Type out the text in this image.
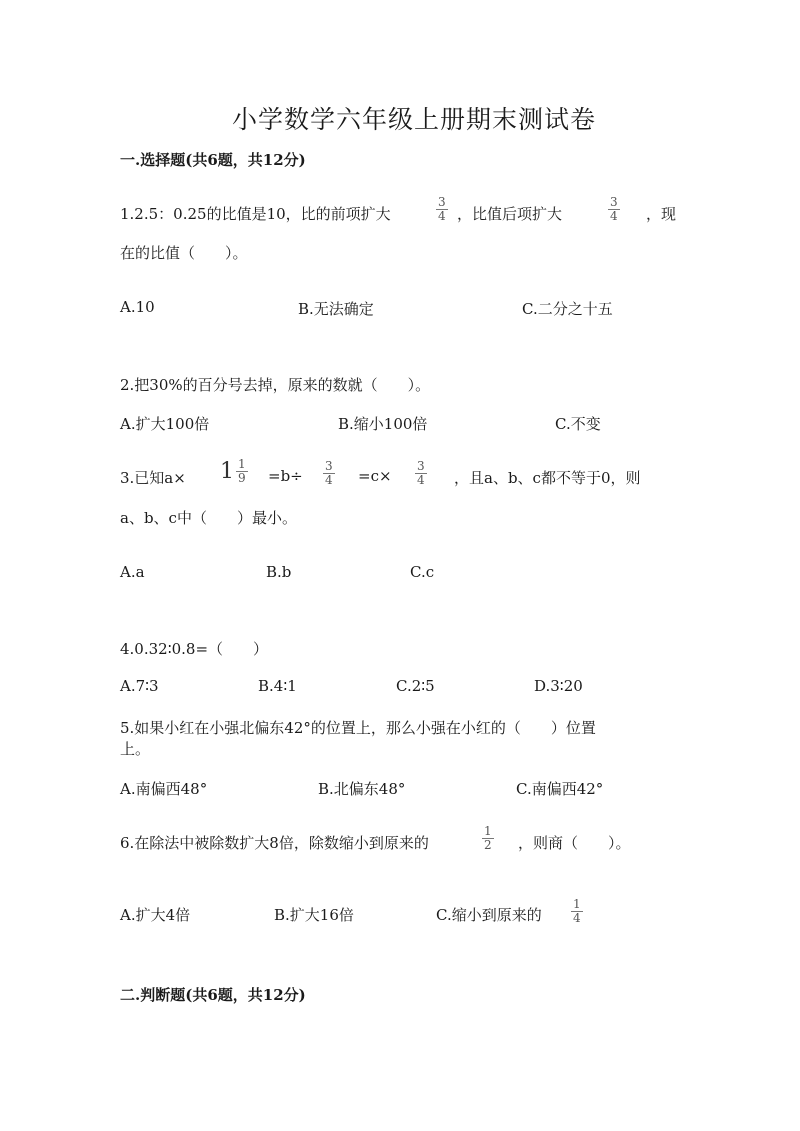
小学数学六年级上册期末测试卷
一.选择题(共6题，共12分)
1.2.5：0.25的比值是10，比的前项扩大	$\frac{3}{4}$ ，比值后项扩大	$\frac{3}{4}$ ，现
在的比值（　　）。
A.10	B.无法确定	C.二分之十五
2.把30%的百分号去掉，原来的数就（　　）。
A.扩大100倍	B.缩小100倍	C.不变
3.已知$a\times 1 \frac{1}{9} =b\div \frac{3}{4} =c\times \frac{3}{4}$ ，且a、b、c都不等于0，则
a、b、c中（　　）最小。
A.a	B.b	C.c
4.0.32∶0.8=（　　）
A.7∶3	B.4∶1	C.2∶5	D.3∶20
5.如果小红在小强北偏东42°的位置上，那么小强在小红的（　　）位置
上。
A.南偏西48°	B.北偏东48°	C.南偏西42°
6.在除法中被除数扩大8倍，除数缩小到原来的	$\frac{1}{2}$ ，则商（　　）。
A.扩大4倍	B.扩大16倍	C.缩小到原来的 $\frac{1}{4}$
二.判断题(共6题，共12分)
